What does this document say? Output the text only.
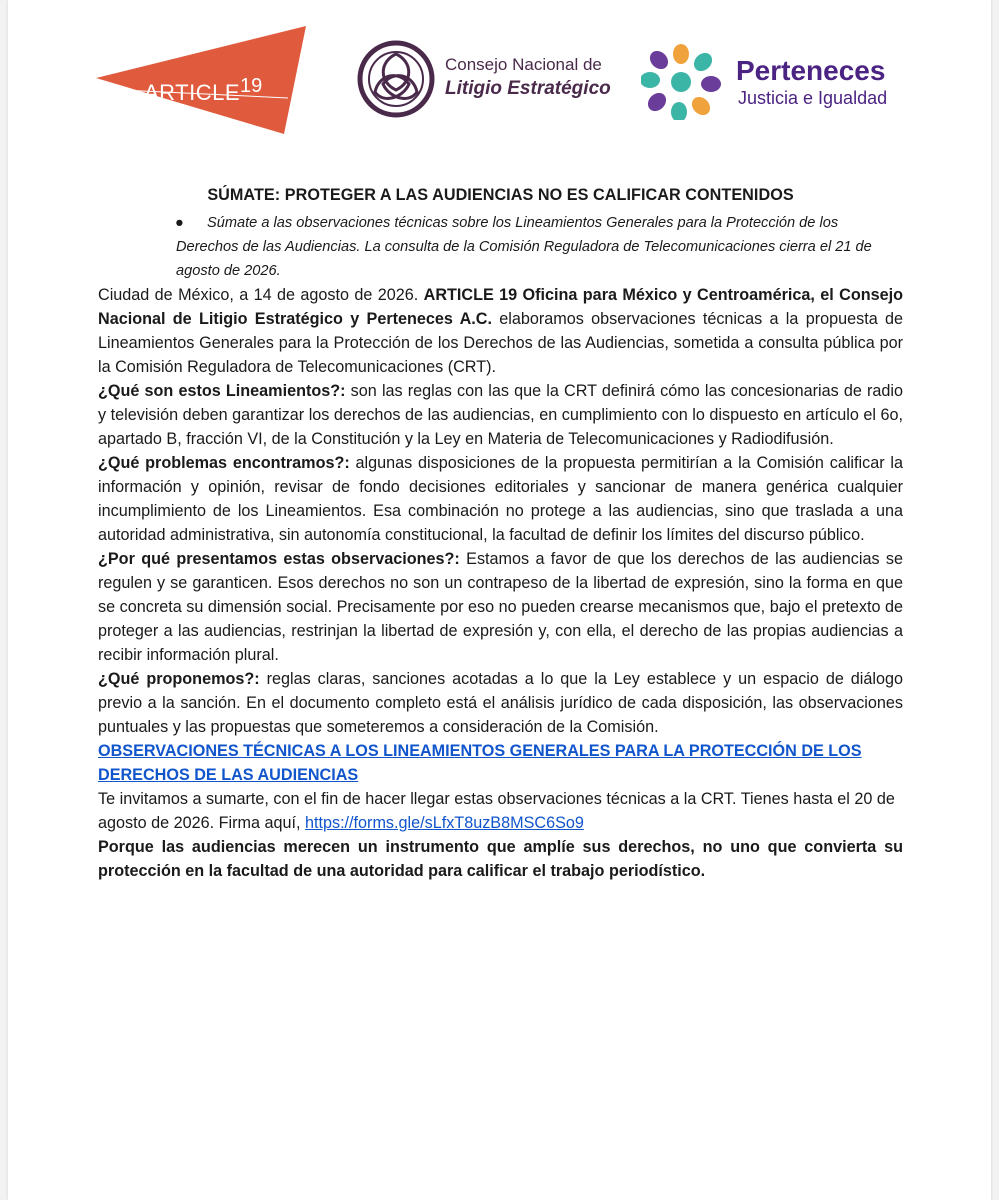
ARTICLE 19
Consejo Nacional de
Litigio Estratégico
Perteneces
Justicia e Igualdad
SÚMATE: PROTEGER A LAS AUDIENCIAS NO ES CALIFICAR CONTENIDOS
●	Súmate a las observaciones técnicas sobre los Lineamientos Generales para la Protección de los Derechos de las Audiencias. La consulta de la Comisión Reguladora de Telecomunicaciones cierra el 21 de agosto de 2026.

Ciudad de México, a 14 de agosto de 2026. ARTICLE 19 Oficina para México y Centroamérica, el Consejo Nacional de Litigio Estratégico y Perteneces A.C. elaboramos observaciones técnicas a la propuesta de Lineamientos Generales para la Protección de los Derechos de las Audiencias, sometida a consulta pública por la Comisión Reguladora de Telecomunicaciones (CRT).

¿Qué son estos Lineamientos?: son las reglas con las que la CRT definirá cómo las concesionarias de radio y televisión deben garantizar los derechos de las audiencias, en cumplimiento con lo dispuesto en artículo el 6o, apartado B, fracción VI, de la Constitución y la Ley en Materia de Telecomunicaciones y Radiodifusión.

¿Qué problemas encontramos?: algunas disposiciones de la propuesta permitirían a la Comisión calificar la información y opinión, revisar de fondo decisiones editoriales y sancionar de manera genérica cualquier incumplimiento de los Lineamientos. Esa combinación no protege a las audiencias, sino que traslada a una autoridad administrativa, sin autonomía constitucional, la facultad de definir los límites del discurso público.

¿Por qué presentamos estas observaciones?: Estamos a favor de que los derechos de las audiencias se regulen y se garanticen. Esos derechos no son un contrapeso de la libertad de expresión, sino la forma en que se concreta su dimensión social. Precisamente por eso no pueden crearse mecanismos que, bajo el pretexto de proteger a las audiencias, restrinjan la libertad de expresión y, con ella, el derecho de las propias audiencias a recibir información plural.

¿Qué proponemos?: reglas claras, sanciones acotadas a lo que la Ley establece y un espacio de diálogo previo a la sanción. En el documento completo está el análisis jurídico de cada disposición, las observaciones puntuales y las propuestas que someteremos a consideración de la Comisión.

OBSERVACIONES TÉCNICAS A LOS LINEAMIENTOS GENERALES PARA LA PROTECCIÓN DE LOS DERECHOS DE LAS AUDIENCIAS

Te invitamos a sumarte, con el fin de hacer llegar estas observaciones técnicas a la CRT. Tienes hasta el 20 de agosto de 2026. Firma aquí, https://forms.gle/sLfxT8uzB8MSC6So9

Porque las audiencias merecen un instrumento que amplíe sus derechos, no uno que convierta su protección en la facultad de una autoridad para calificar el trabajo periodístico.
